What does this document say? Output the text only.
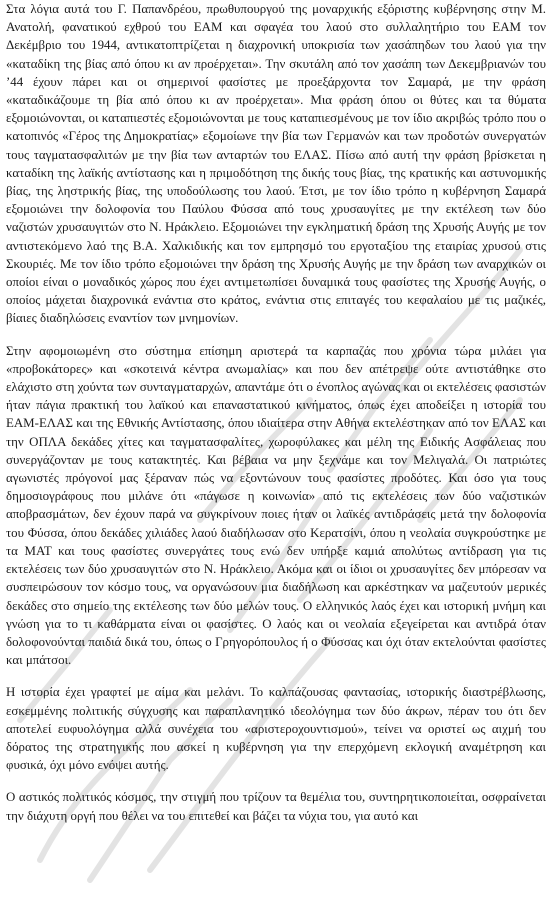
Στα λόγια αυτά του Γ. Παπανδρέου, πρωθυπουργού της μοναρχικής εξόριστης κυβέρνησης στην Μ. Ανατολή, φανατικού εχθρού του ΕΑΜ και σφαγέα του λαού στο συλλαλητήριο του ΕΑΜ τον Δεκέμβριο του 1944, αντικατοπτρίζεται η διαχρονική υποκρισία των χασάπηδων του λαού για την «καταδίκη της βίας από όπου κι αν προέρχεται». Την σκυτάλη από τον χασάπη των Δεκεμβριανών του ’44 έχουν πάρει και οι σημερινοί φασίστες με προεξάρχοντα τον Σαμαρά, με την φράση «καταδικάζουμε τη βία από όπου κι αν προέρχεται». Μια φράση όπου οι θύτες και τα θύματα εξομοιώνονται, οι καταπιεστές εξομοιώνονται με τους καταπιεσμένους με τον ίδιο ακριβώς τρόπο που ο κατοπινός «Γέρος της Δημοκρατίας» εξομοίωνε την βία των Γερμανών και των προδοτών συνεργατών τους ταγματασφαλιτών με την βία των ανταρτών του ΕΛΑΣ. Πίσω από αυτή την φράση βρίσκεται η καταδίκη της λαϊκής αντίστασης και η πριμοδότηση της δικής τους βίας, της κρατικής και αστυνομικής βίας, της ληστρικής βίας, της υποδούλωσης του λαού. Έτσι, με τον ίδιο τρόπο η κυβέρνηση Σαμαρά εξομοιώνει την δολοφονία του Παύλου Φύσσα από τους χρυσαυγίτες με την εκτέλεση των δύο ναζιστών χρυσαυγιτών στο Ν. Ηράκλειο. Εξομοιώνει την εγκληματική δράση της Χρυσής Αυγής με τον αντιστεκόμενο λαό της Β.Α. Χαλκιδικής και τον εμπρησμό του εργοταξίου της εταιρίας χρυσού στις Σκουριές. Με τον ίδιο τρόπο εξομοιώνει την δράση της Χρυσής Αυγής με την δράση των αναρχικών οι οποίοι είναι ο μοναδικός χώρος που έχει αντιμετωπίσει δυναμικά τους φασίστες της Χρυσής Αυγής, ο οποίος μάχεται διαχρονικά ενάντια στο κράτος, ενάντια στις επιταγές του κεφαλαίου με τις μαζικές, βίαιες διαδηλώσεις εναντίον των μνημονίων.

Στην αφομοιωμένη στο σύστημα επίσημη αριστερά τα καρπαζάς που χρόνια τώρα μιλάει για «προβοκάτορες» και «σκοτεινά κέντρα ανωμαλίας» και που δεν απέτρεψε ούτε αντιστάθηκε στο ελάχιστο στη χούντα των συνταγματαρχών, απαντάμε ότι ο ένοπλος αγώνας και οι εκτελέσεις φασιστών ήταν πάγια πρακτική του λαϊκού και επαναστατικού κινήματος, όπως έχει αποδείξει η ιστορία του ΕΑΜ-ΕΛΑΣ και της Εθνικής Αντίστασης, όπου ιδιαίτερα στην Αθήνα εκτελέστηκαν από τον ΕΛΑΣ και την ΟΠΛΑ δεκάδες χίτες και ταγματασφαλίτες, χωροφύλακες και μέλη της Ειδικής Ασφάλειας που συνεργάζονταν με τους κατακτητές. Και βέβαια να μην ξεχνάμε και τον Μελιγαλά. Οι πατριώτες αγωνιστές πρόγονοί μας ξέραναν πώς να εξοντώνουν τους φασίστες προδότες. Και όσο για τους δημοσιογράφους που μιλάνε ότι «πάγωσε η κοινωνία» από τις εκτελέσεις των δύο ναζιστικών αποβρασμάτων, δεν έχουν παρά να συγκρίνουν ποιες ήταν οι λαϊκές αντιδράσεις μετά την δολοφονία του Φύσσα, όπου δεκάδες χιλιάδες λαού διαδήλωσαν στο Κερατσίνι, όπου η νεολαία συγκρούστηκε με τα ΜΑΤ και τους φασίστες συνεργάτες τους ενώ δεν υπήρξε καμιά απολύτως αντίδραση για τις εκτελέσεις των δύο χρυσαυγιτών στο Ν. Ηράκλειο. Ακόμα και οι ίδιοι οι χρυσαυγίτες δεν μπόρεσαν να συσπειρώσουν τον κόσμο τους, να οργανώσουν μια διαδήλωση και αρκέστηκαν να μαζευτούν μερικές δεκάδες στο σημείο της εκτέλεσης των δύο μελών τους. Ο ελληνικός λαός έχει και ιστορική μνήμη και γνώση για το τι καθάρματα είναι οι φασίστες. Ο λαός και οι νεολαία εξεγείρεται και αντιδρά όταν δολοφονούνται παιδιά δικά του, όπως ο Γρηγορόπουλος ή ο Φύσσας και όχι όταν εκτελούνται φασίστες και μπάτσοι.

Η ιστορία έχει γραφτεί με αίμα και μελάνι. Το καλπάζουσας φαντασίας, ιστορικής διαστρέβλωσης, εσκεμμένης πολιτικής σύγχυσης και παραπλανητικό ιδεολόγημα των δύο άκρων, πέραν του ότι δεν αποτελεί ευφυολόγημα αλλά συνέχεια του «αριστεροχουντισμού», τείνει να οριστεί ως αιχμή του δόρατος της στρατηγικής που ασκεί η κυβέρνηση για την επερχόμενη εκλογική αναμέτρηση και φυσικά, όχι μόνο ενόψει αυτής.

Ο αστικός πολιτικός κόσμος, την στιγμή που τρίζουν τα θεμέλια του, συντηρητικοποιείται, οσφραίνεται την διάχυτη οργή που θέλει να του επιτεθεί και βάζει τα νύχια του, για αυτό και
